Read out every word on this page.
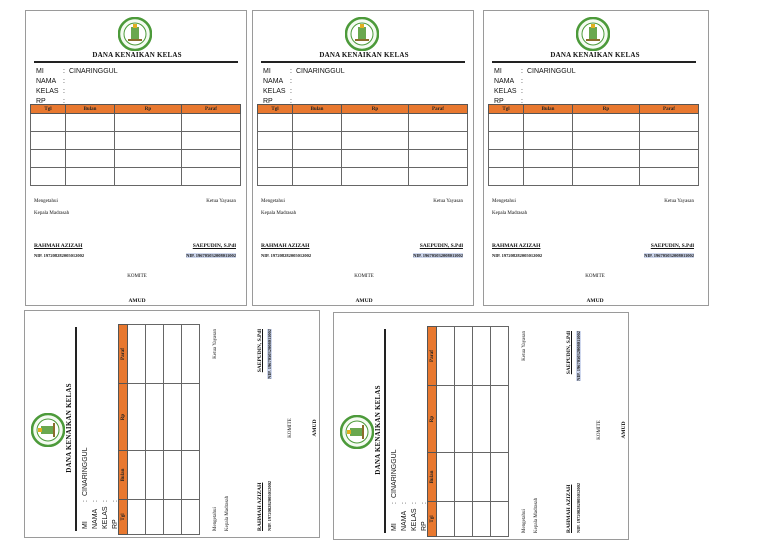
DANA KENAIKAN KELAS
MI	: CINARINGGUL
NAMA :
KELAS :
RP	:
Tgl	Bulan	Rp	Paraf

Mengetahui
Kepala Madrasah
Ketua Yayasan
RAHMAH AZIZAH
NIP. 197208282005012002
SAEPUDIN, S.Pdl
NIP. 196705032008011002
KOMITE
AMUD
DANA KENAIKAN KELAS
MI	: CINARINGGUL
NAMA :
KELAS :
RP	:
Tgl	Bulan	Rp	Paraf

Mengetahui
Kepala Madrasah
Ketua Yayasan
RAHMAH AZIZAH
NIP. 197208282005012002
SAEPUDIN, S.Pdl
NIP. 196705032008011002
KOMITE
AMUD
DANA KENAIKAN KELAS
MI	: CINARINGGUL
NAMA :
KELAS :
RP	:
Tgl	Bulan	Rp	Paraf

Mengetahui
Kepala Madrasah
Ketua Yayasan
RAHMAH AZIZAH
NIP. 197208282005012002
SAEPUDIN, S.Pdl
NIP. 196705032008011002
KOMITE
AMUD
DANA KENAIKAN KELAS
MI
:
CINARINGGUL
NAMA
:
KELAS
:
RP
:
Tgl	Bulan	Rp	Paraf

Mengetahui Kepala Madrasah
Ketua Yayasan
RAHMAH AZIZAH NIP. 197208282005012002
SAEPUDIN, S.Pdl NIP. 196705032008011002
KOMITE	AMUD	DANA KENAIKAN KELAS
MI
:
CINARINGGUL
NAMA
:
KELAS
:
RP
:
Tgl	Bulan	Rp	Paraf

Mengetahui Kepala Madrasah
Ketua Yayasan
RAHMAH AZIZAH NIP. 197208282005012002
SAEPUDIN, S.Pdl NIP. 196705032008011002
KOMITE	AMUD
